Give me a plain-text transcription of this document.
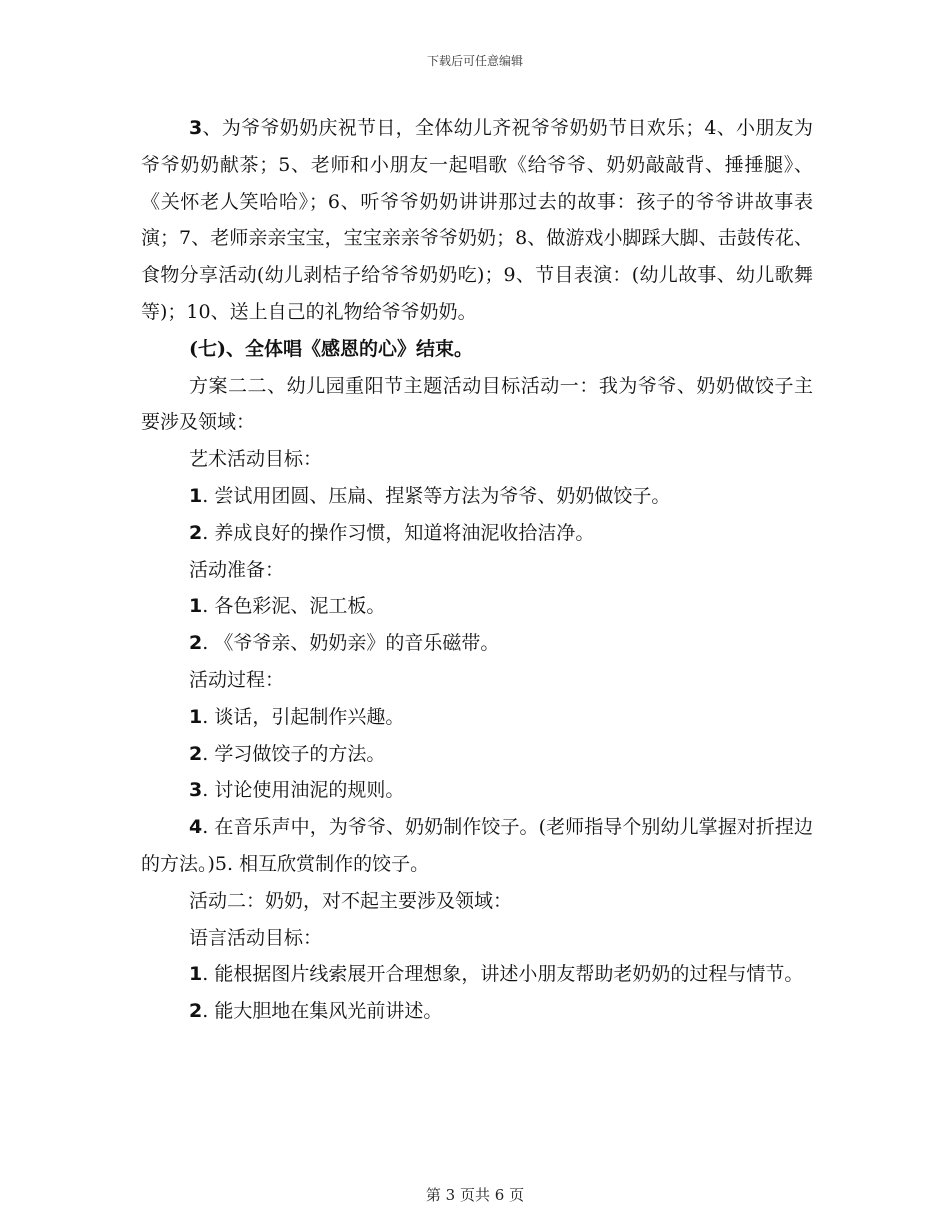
下载后可任意编辑

3、为爷爷奶奶庆祝节日，全体幼儿齐祝爷爷奶奶节日欢乐；4、小朋友为爷爷奶奶献茶；5、老师和小朋友一起唱歌《给爷爷、奶奶敲敲背、捶捶腿》、《关怀老人笑哈哈》；6、听爷爷奶奶讲讲那过去的故事：孩子的爷爷讲故事表演；7、老师亲亲宝宝，宝宝亲亲爷爷奶奶；8、做游戏小脚踩大脚、击鼓传花、食物分享活动(幼儿剥桔子给爷爷奶奶吃)；9、节目表演：(幼儿故事、幼儿歌舞等)；10、送上自己的礼物给爷爷奶奶。

(七)、全体唱《感恩的心》结束。

方案二二、幼儿园重阳节主题活动目标活动一：我为爷爷、奶奶做饺子主要涉及领域：

艺术活动目标：

1. 尝试用团圆、压扁、捏紧等方法为爷爷、奶奶做饺子。

2. 养成良好的操作习惯，知道将油泥收拾洁净。

活动准备：

1. 各色彩泥、泥工板。

2. 《爷爷亲、奶奶亲》的音乐磁带。

活动过程：

1. 谈话，引起制作兴趣。

2. 学习做饺子的方法。

3. 讨论使用油泥的规则。

4. 在音乐声中，为爷爷、奶奶制作饺子。(老师指导个别幼儿掌握对折捏边的方法。)5. 相互欣赏制作的饺子。

活动二：奶奶，对不起主要涉及领域：

语言活动目标：

1. 能根据图片线索展开合理想象，讲述小朋友帮助老奶奶的过程与情节。

2. 能大胆地在集风光前讲述。

第 3 页共 6 页
